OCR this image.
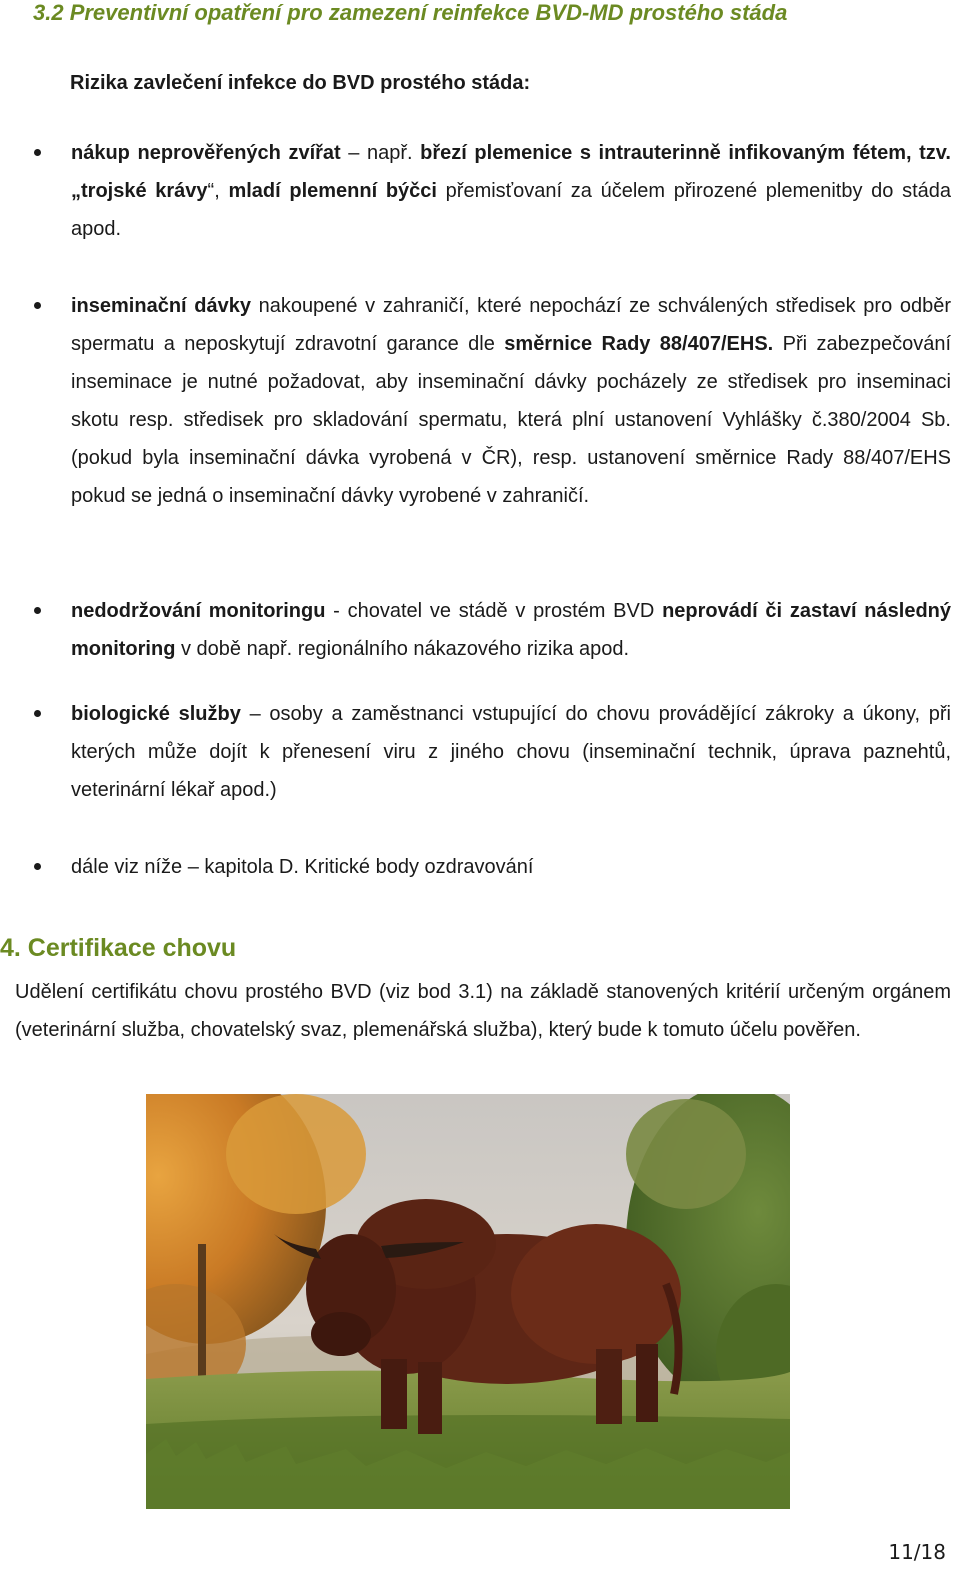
3.2 Preventivní opatření pro zamezení reinfekce BVD-MD prostého stáda
Rizika zavlečení infekce do BVD prostého stáda:

nákup neprověřených zvířat – např. březí plemenice s intrauterinně infikovaným fétem, tzv. „trojské krávy“, mladí plemenní býčci přemisťovaní za účelem přirozené plemenitby do stáda apod.

inseminační dávky nakoupené v zahraničí, které nepochází ze schválených středisek pro odběr spermatu a neposkytují zdravotní garance dle směrnice Rady 88/407/EHS. Při zabezpečování inseminace je nutné požadovat, aby inseminační dávky pocházely ze středisek pro inseminaci skotu resp. středisek pro skladování spermatu, která plní ustanovení Vyhlášky č.380/2004 Sb. (pokud byla inseminační dávka vyrobená v ČR), resp. ustanovení směrnice Rady 88/407/EHS pokud se jedná o inseminační dávky vyrobené v zahraničí.

nedodržování monitoringu - chovatel ve stádě v prostém BVD neprovádí či zastaví následný monitoring v době např. regionálního nákazového rizika apod.

biologické služby – osoby a zaměstnanci vstupující do chovu provádějící zákroky a úkony, při kterých může dojít k přenesení viru z jiného chovu (inseminační technik, úprava paznehtů, veterinární lékař apod.)

dále viz níže – kapitola D. Kritické body ozdravování

4. Certifikace chovu

Udělení certifikátu chovu prostého BVD (viz bod 3.1) na základě stanovených kritérií určeným orgánem (veterinární služba, chovatelský svaz, plemenářská služba), který bude k tomuto účelu pověřen.

11/18
